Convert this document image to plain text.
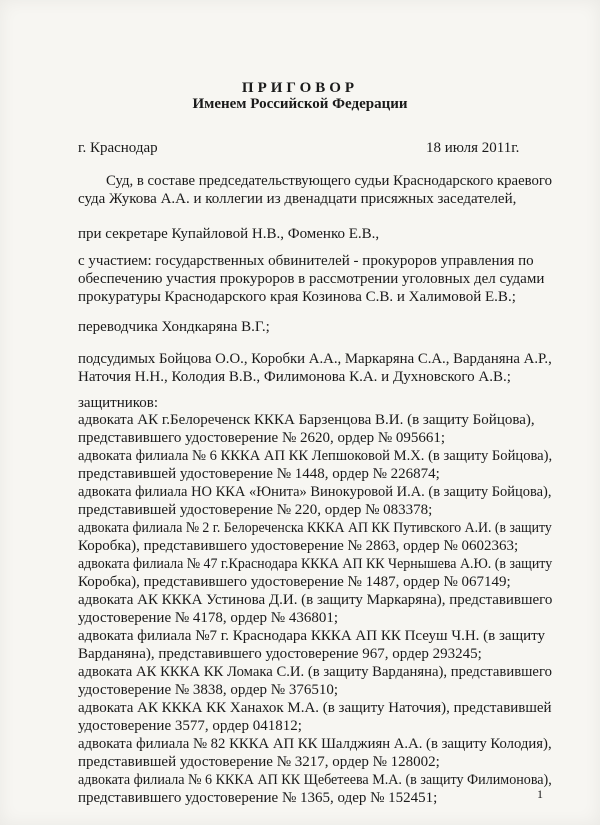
ПРИГОВОР
Именем Российской Федерации
г. Краснодар	18 июля 2011г.
Суд, в составе председательствующего судьи Краснодарского краевого
суда Жукова А.А. и коллегии из двенадцати присяжных заседателей,
при секретаре Купайловой Н.В., Фоменко Е.В.,
с участием: государственных обвинителей - прокуроров управления по
обеспечению участия прокуроров в рассмотрении уголовных дел судами
прокуратуры Краснодарского края Козинова С.В. и Халимовой Е.В.;
переводчика Хондкаряна В.Г.;
подсудимых Бойцова О.О., Коробки А.А., Маркаряна С.А., Варданяна А.Р.,
Наточия Н.Н., Колодия В.В., Филимонова К.А. и Духновского А.В.;
защитников:
адвоката АК г.Белореченск КККА Барзенцова В.И. (в защиту Бойцова),
представившего удостоверение № 2620, ордер № 095661;
адвоката филиала № 6 КККА АП КК Лепшоковой М.Х. (в защиту Бойцова),
представившей удостоверение № 1448, ордер № 226874;
адвоката филиала НО ККА «Юнита» Винокуровой И.А. (в защиту Бойцова),
представившей удостоверение № 220, ордер № 083378;
адвоката филиала № 2 г. Белореченска КККА АП КК Путивского А.И. (в защиту
Коробка), представившего удостоверение № 2863, ордер № 0602363;
адвоката филиала № 47 г.Краснодара КККА АП КК Чернышева А.Ю. (в защиту
Коробка), представившего удостоверение № 1487, ордер № 067149;
адвоката АК КККА Устинова Д.И. (в защиту Маркаряна), представившего
удостоверение № 4178, ордер № 436801;
адвоката филиала №7 г. Краснодара КККА АП КК Псеуш Ч.Н. (в защиту
Варданяна), представившего удостоверение 967, ордер 293245;
адвоката АК КККА КК Ломака С.И. (в защиту Варданяна), представившего
удостоверение № 3838, ордер № 376510;
адвоката АК КККА КК Ханахок М.А. (в защиту Наточия), представившей
удостоверение 3577, ордер 041812;
адвоката филиала № 82 КККА АП КК Шалджиян А.А. (в защиту Колодия),
представившей удостоверение № 3217, ордер № 128002;
адвоката филиала № 6 КККА АП КК Щебетеева М.А. (в защиту Филимонова),
представившего удостоверение № 1365, одер № 152451;	1
